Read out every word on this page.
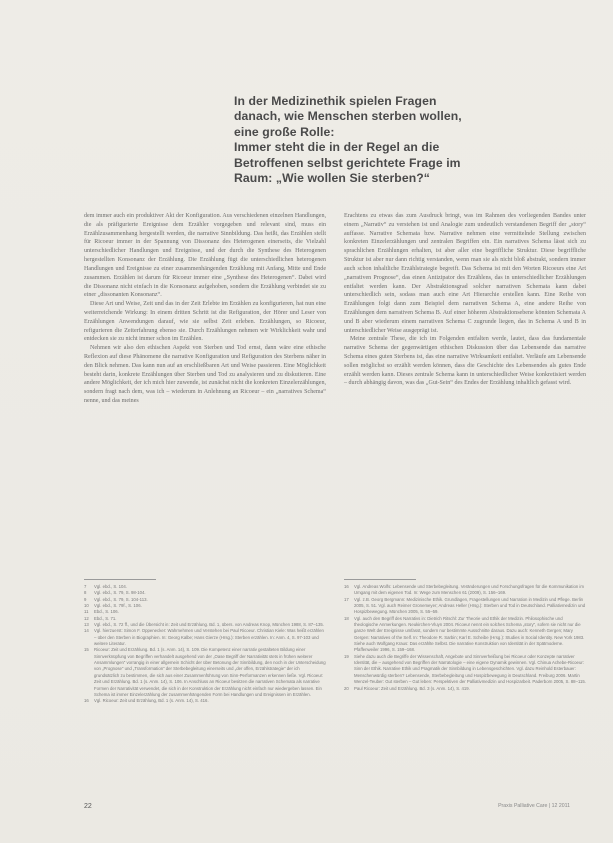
In der Medizinethik spielen Fragen
danach, wie Menschen sterben wollen,
eine große Rolle:
Immer steht die in der Regel an die
Betroffenen selbst gerichtete Frage im
Raum: „Wie wollen Sie sterben?“

dem immer auch ein produktiver Akt der Konfiguration. Aus verschiedenen einzelnen Handlungen, die als präfigurierte Ereignisse dem Erzähler vorgegeben und relevant sind, muss ein Erzählzusammenhang hergestellt werden, die narrative Sinnbildung. Das heißt, das Erzählen stellt für Ricoeur immer in der Spannung von Dissonanz des Heterogenen einerseits, die Vielzahl unterschiedlicher Handlungen und Ereignisse, und der durch die Synthese des Heterogenen hergestellten Konsonanz der Erzählung. Die Erzählung fügt die unterschiedlichen heterogenen Handlungen und Ereignisse zu einer zusammenhängenden Erzählung mit Anfang, Mitte und Ende zusammen. Erzählen ist darum für Ricoeur immer eine „Synthese des Heterogenen“. Dabei wird die Dissonanz nicht einfach in die Konsonanz aufgehoben, sondern die Erzählung verbindet sie zu einer „dissonanten Konsonanz“.

Diese Art und Weise, Zeit und das in der Zeit Erlebte im Erzählen zu konfigurieren, hat nun eine weiterreichende Wirkung: In einem dritten Schritt ist die Refiguration, der Hörer und Leser von Erzählungen Anwendungen darauf, wie sie selbst Zeit erleben. Erzählungen, so Ricoeur, refigurieren die Zeiterfahrung ebenso sie. Durch Erzählungen nehmen wir Wirklichkeit wahr und entdecken sie zu nicht immer schon im Erzählen.

Nehmen wir also den ethischen Aspekt von Sterben und Tod ernst, dann wäre eine ethische Reflexion auf diese Phänomene die narrative Konfiguration und Refiguration des Sterbens näher in den Blick nehmen. Das kann nun auf an erschließbaren Art und Weise passieren. Eine Möglichkeit besteht darin, konkrete Erzählungen über Sterben und Tod zu analysieren und zu diskutieren. Eine andere Möglichkeit, der ich mich hier zuwende, ist zunächst nicht die konkreten Einzelerzählungen, sondern fragt nach dem, was ich – wiederum in Anlehnung an Ricoeur – ein „narratives Schema“ nenne, und das meines

Erachtens zu etwas das zum Ausdruck bringt, was im Rahmen des vorliegenden Bandes unter einem „Narrativ“ zu verstehen ist und Analogie zum undeutlich verstandenen Begriff der „story“ auffasse. Narrative Schemata bzw. Narrative nehmen eine vermittelnde Stellung zwischen konkreten Einzelerzählungen und zentralen Begriffen ein. Ein narratives Schema lässt sich zu sprachlichen Erzählungen erhalten, ist aber aller eine begriffliche Struktur. Diese begriffliche Struktur ist aber nur dann richtig verstanden, wenn man sie als nicht bloß abstrakt, sondern immer auch schon inhaltliche Erzählstrategie begreift. Das Schema ist mit den Worten Ricoeurs eine Art „narrativen Prognose“, das einen Antizipator des Erzählens, das in unterschiedlicher Erzählungen entfaltet werden kann. Der Abstraktionsgrad solcher narrativen Schemata kann dabei unterschiedlich sein, sodass man auch eine Art Hierarchie erstellen kann. Eine Reihe von Erzählungen folgt dann zum Beispiel dem narrativen Schema A, eine andere Reihe von Erzählungen dem narrativen Schema B. Auf einer höheren Abstraktionsebene könnten Schemata A und B aber wiederum einem narrativen Schema C zugrunde liegen, das in Schema A und B in unterschiedlicher Weise ausgeprägt ist.

Meine zentrale These, die ich im Folgenden entfalten werde, lautet, dass das fundamentale narrative Schema der gegenwärtigen ethischen Diskussion über das Lebensende das narrative Schema eines guten Sterbens ist, das eine narrative Wirksamkeit entfaltet. Verläufe am Lebensende sollen möglichst so erzählt werden können, dass die Geschichte des Lebensendes als gutes Ende erzählt werden kann. Dieses zentrale Schema kann in unterschiedlicher Weise konkretisiert werden – durch abhängig davon, was das „Gut-Sein“ des Endes der Erzählung inhaltlich gefasst wird.

7	Vgl. ebd., S. 104.
8	Vgl. ebd., S. 79, S. 98-104.
9	Vgl. ebd., S. 79, S. 104-113.
10	Vgl. ebd., S. 79f., S. 106.
11	Ebd., S. 106.
12	Ebd., S. 71.
13	Vgl. ebd., S. 72 ff., und die Übersicht in: Zeit und Erzählung. Bd. 1, übers. von Andreas Knop, München 1988, S. 87–135.
14	Vgl. hierzuerst: Simon F. Oppenecker: Wahrnehmen und Verstehen bei Paul Ricoeur. Christian Kiele: Was heißt erzählen – über den Sterben in Biographien. In: Georg Kalbe; Hans Gierze (Hrsg.): Sterben erzählen. In: Anm. 4, S. 97-103 und weitere Literatur.
15	Ricoeur: Zeit und Erzählung. Bd. 1 (s. Anm. 14), S. 109. Die Kompetenz einer narrativ gestalteten Bildung einer Sinnverknüpfung von Begriffen verhandelt ausgehend von der „Oase Begriff der Narrativität stets in frühen weiterer Ansammlungen“ vorrangig in einer allgemein Schicht der über Betonung der Sinnbildung, den noch in der Unterscheidung von „Prognose“ und „Transformation“ der Sterbebegleitung einerseits und „der offen, Erzählstrategie“ der ich grundsätzlich zu bestimmen, die sich aus einer Zusammenführung von Sinn-Performanzen erkennen ließe. Vgl. Ricoeur: Zeit und Erzählung. Bd. 1 (s. Anm. 14), S. 106. In Anschluss an Ricoeur besitzen die narrativen Schemata als narrative Formen der Narrativität verwendet, die sich in der Konstruktion der Erzählung nicht einfach nur wiedergeben lassen. Ein Schema ist immer Einzelerzählung der zusammenhängenden Form bei Handlungen und Ereignissen im Erzählen.
16	Vgl. Ricoeur: Zeit und Erzählung, Bd. 1 (s. Anm. 14), S. 416.
16	Vgl. Andreas Wolfs: Lebensende und Sterbebegleitung. Veränderungen und Forschungsfragen für die Kommunikation im Umgang mit dem eigenen Tod. In: Wege zum Menschen 61 (2009), S. 156–169.
17	Vgl. z.B. Georg Bergmann: Medizinische Ethik. Grundlagen, Fragestellungen und Narration in Medizin und Pflege. Berlin 2005, S. 51. Vgl. auch Reimer Gronemeyer; Andreas Heller (Hrsg.): Sterben und Tod in Deutschland. Palliativmedizin und Hospizbewegung. München 2005, S. 55–59.
18	Vgl. auch den Begriff des Narrativs in: Dietrich Ritschl: Zur Theorie und Ethik der Medizin. Philosophische und theologische Anmerkungen. Neukirchen-Vluyn 2004. Ricoeur nennt ein solches Schema „story“, sofern sie nicht nur die ganze Welt der Ereignisse umfasst, sondern nur bestimmte Ausschnitte daraus. Dazu auch: Kenneth Gergen; Mary Gergen: Narratives of the Self. In: Theodore R. Sarbin; Karl E. Scheibe (Hrsg.): Studies in Social Identity. New York 1983. Siehe auch Wolfgang Kraus: Das erzählte Selbst. Die narrative Konstruktion von Identität in der Spätmoderne. Pfaffenweiler 1996, S. 159–168.
19	Siehe dazu auch die Begriffe der Wissenschaft, Angebote und Sinnverheißung bei Ricoeur oder Konzepte narrativer Identität, die – ausgehend von Begriffen der Narratologie – eine eigene Dynamik gewinnen. Vgl. Chinua Achebe-Ricoeur: Sinn der Ethik. Narrative Ethik und Pragmatik der Sinnbildung in Lebensgeschichten. Vgl. dazu Reinhold Esterbauer: Menschenwürdig sterben? Lebensende, Sterbebegleitung und Hospizbewegung in Deutschland. Freiburg 2006. Martin Wenzel-Teuber: Gut sterben – Gut leben: Perspektiven der Palliativmedizin und Hospizarbeit. Paderborn 2005, S. 88–115.
20	Paul Ricoeur: Zeit und Erzählung. Bd. 3 (s. Anm. 14), S. 419.
22	Praxis Palliative Care | 12 2011
